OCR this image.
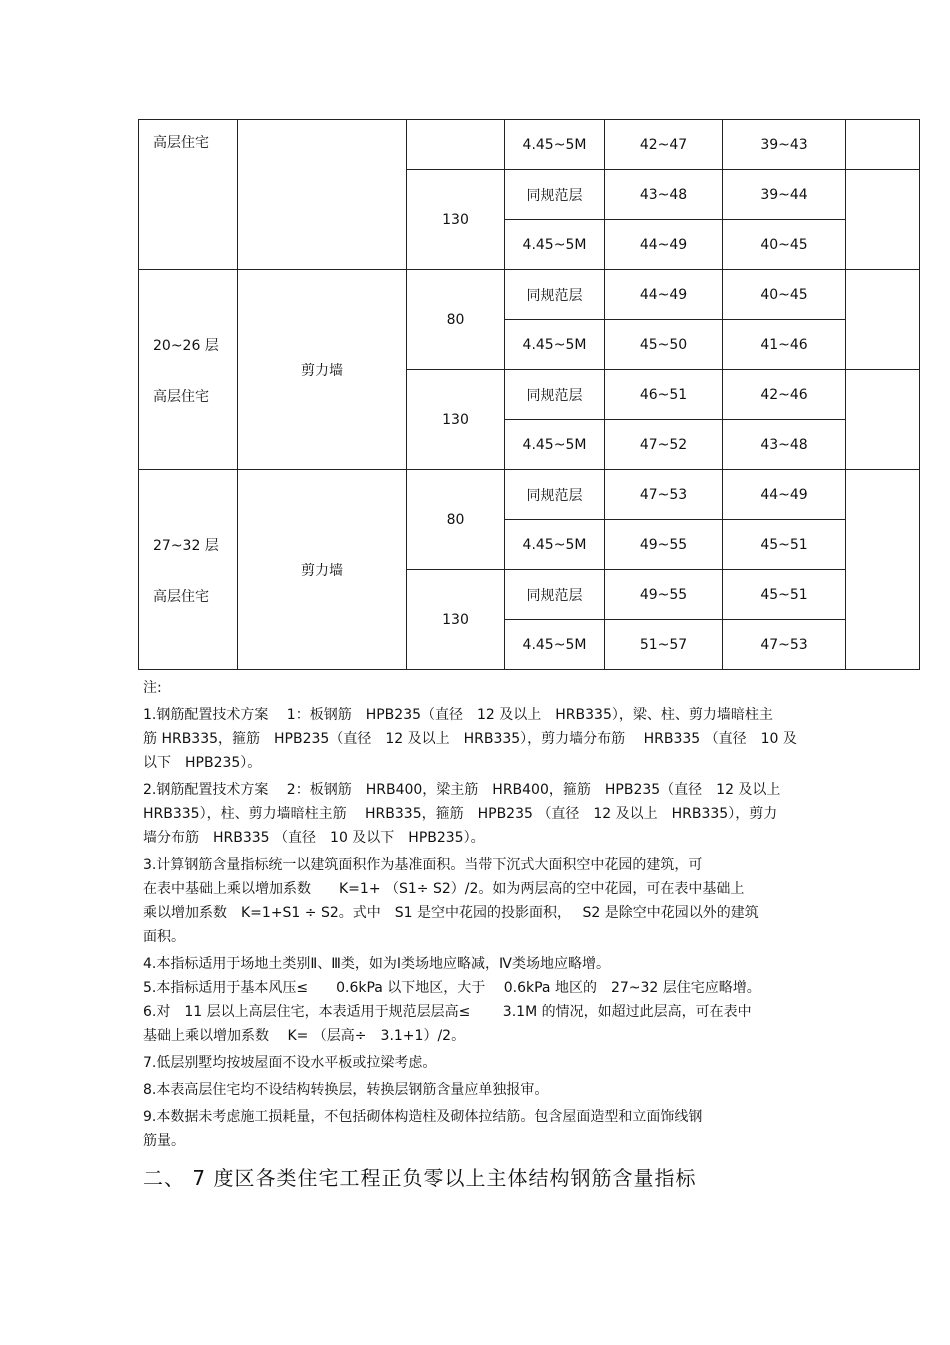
高层住宅			4.45~5M	42~47	39~43	
		130	同规范层	43~48	39~44	
			4.45~5M	44~49	40~45	

20~26 层
高层住宅	剪力墙	80	同规范层	44~49	40~45	
			4.45~5M	45~50	41~46	
		130	同规范层	46~51	42~46	
			4.45~5M	47~52	43~48	

27~32 层
高层住宅	剪力墙	80	同规范层	47~53	44~49	
			4.45~5M	49~55	45~51	
		130	同规范层	49~55	45~51	
			4.45~5M	51~57	47~53	

注:

1.钢筋配置技术方案　 1：板钢筋　HPB235（直径　12 及以上　HRB335），梁、柱、剪力墙暗柱主

筋 HRB335，箍筋　HPB235（直径　12 及以上　HRB335），剪力墙分布筋　 HRB335 （直径　10 及

以下　HPB235）。

2.钢筋配置技术方案　 2：板钢筋　HRB400，梁主筋　HRB400，箍筋　HPB235（直径　12 及以上

HRB335），柱、剪力墙暗柱主筋　 HRB335，箍筋　HPB235 （直径　12 及以上　HRB335），剪力

墙分布筋　HRB335 （直径　10 及以下　HPB235）。

3.计算钢筋含量指标统一以建筑面积作为基准面积。当带下沉式大面积空中花园的建筑，可

在表中基础上乘以增加系数　　K=1+ （S1÷ S2）/2。如为两层高的空中花园，可在表中基础上

乘以增加系数　K=1+S1 ÷ S2。式中　S1 是空中花园的投影面积，　 S2 是除空中花园以外的建筑

面积。

4.本指标适用于场地土类别Ⅱ、Ⅲ类，如为Ⅰ类场地应略减，Ⅳ类场地应略增。

5.本指标适用于基本风压≤　　0.6kPa 以下地区，大于　 0.6kPa 地区的　27~32 层住宅应略增。

6.对　11 层以上高层住宅，本表适用于规范层层高≤　　 3.1M 的情况，如超过此层高，可在表中

基础上乘以增加系数　 K= （层高÷　3.1+1）/2。

7.低层别墅均按坡屋面不设水平板或拉梁考虑。

8.本表高层住宅均不设结构转换层，转换层钢筋含量应单独报审。

9.本数据未考虑施工损耗量，不包括砌体构造柱及砌体拉结筋。包含屋面造型和立面饰线钢

筋量。

二、 7 度区各类住宅工程正负零以上主体结构钢筋含量指标
